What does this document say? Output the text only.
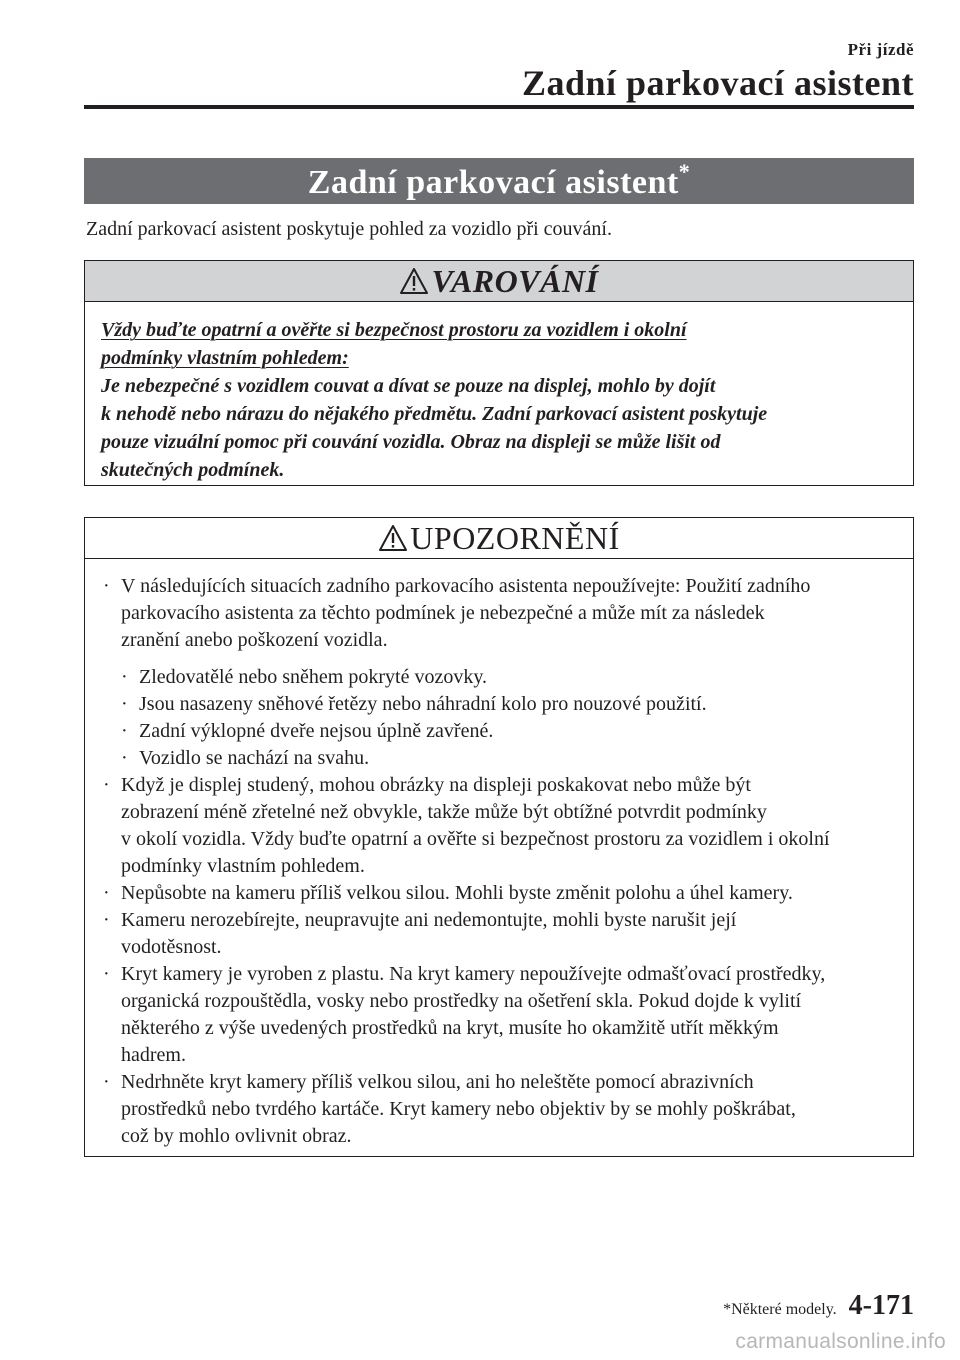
Při jízdě
Zadní parkovací asistent
Zadní parkovací asistent*
Zadní parkovací asistent poskytuje pohled za vozidlo při couvání.
VAROVÁNÍ
Vždy buďte opatrní a ověřte si bezpečnost prostoru za vozidlem i okolní
podmínky vlastním pohledem:
Je nebezpečné s vozidlem couvat a dívat se pouze na displej, mohlo by dojít
k nehodě nebo nárazu do nějakého předmětu. Zadní parkovací asistent poskytuje
pouze vizuální pomoc při couvání vozidla. Obraz na displeji se může lišit od
skutečných podmínek.
UPOZORNĚNÍ
· V následujících situacích zadního parkovacího asistenta nepoužívejte: Použití zadního
parkovacího asistenta za těchto podmínek je nebezpečné a může mít za následek
zranění anebo poškození vozidla.
· Zledovatělé nebo sněhem pokryté vozovky.
· Jsou nasazeny sněhové řetězy nebo náhradní kolo pro nouzové použití.
· Zadní výklopné dveře nejsou úplně zavřené.
· Vozidlo se nachází na svahu.
· Když je displej studený, mohou obrázky na displeji poskakovat nebo může být
zobrazení méně zřetelné než obvykle, takže může být obtížné potvrdit podmínky
v okolí vozidla. Vždy buďte opatrní a ověřte si bezpečnost prostoru za vozidlem i okolní
podmínky vlastním pohledem.
· Nepůsobte na kameru příliš velkou silou. Mohli byste změnit polohu a úhel kamery.
· Kameru nerozebírejte, neupravujte ani nedemontujte, mohli byste narušit její
vodotěsnost.
· Kryt kamery je vyroben z plastu. Na kryt kamery nepoužívejte odmašťovací prostředky,
organická rozpouštědla, vosky nebo prostředky na ošetření skla. Pokud dojde k vylití
některého z výše uvedených prostředků na kryt, musíte ho okamžitě utřít měkkým
hadrem.
· Nedrhněte kryt kamery příliš velkou silou, ani ho neleštěte pomocí abrazivních
prostředků nebo tvrdého kartáče. Kryt kamery nebo objektiv by se mohly poškrábat,
což by mohlo ovlivnit obraz.
*Některé modely. 4-171
carmanualsonline.info
